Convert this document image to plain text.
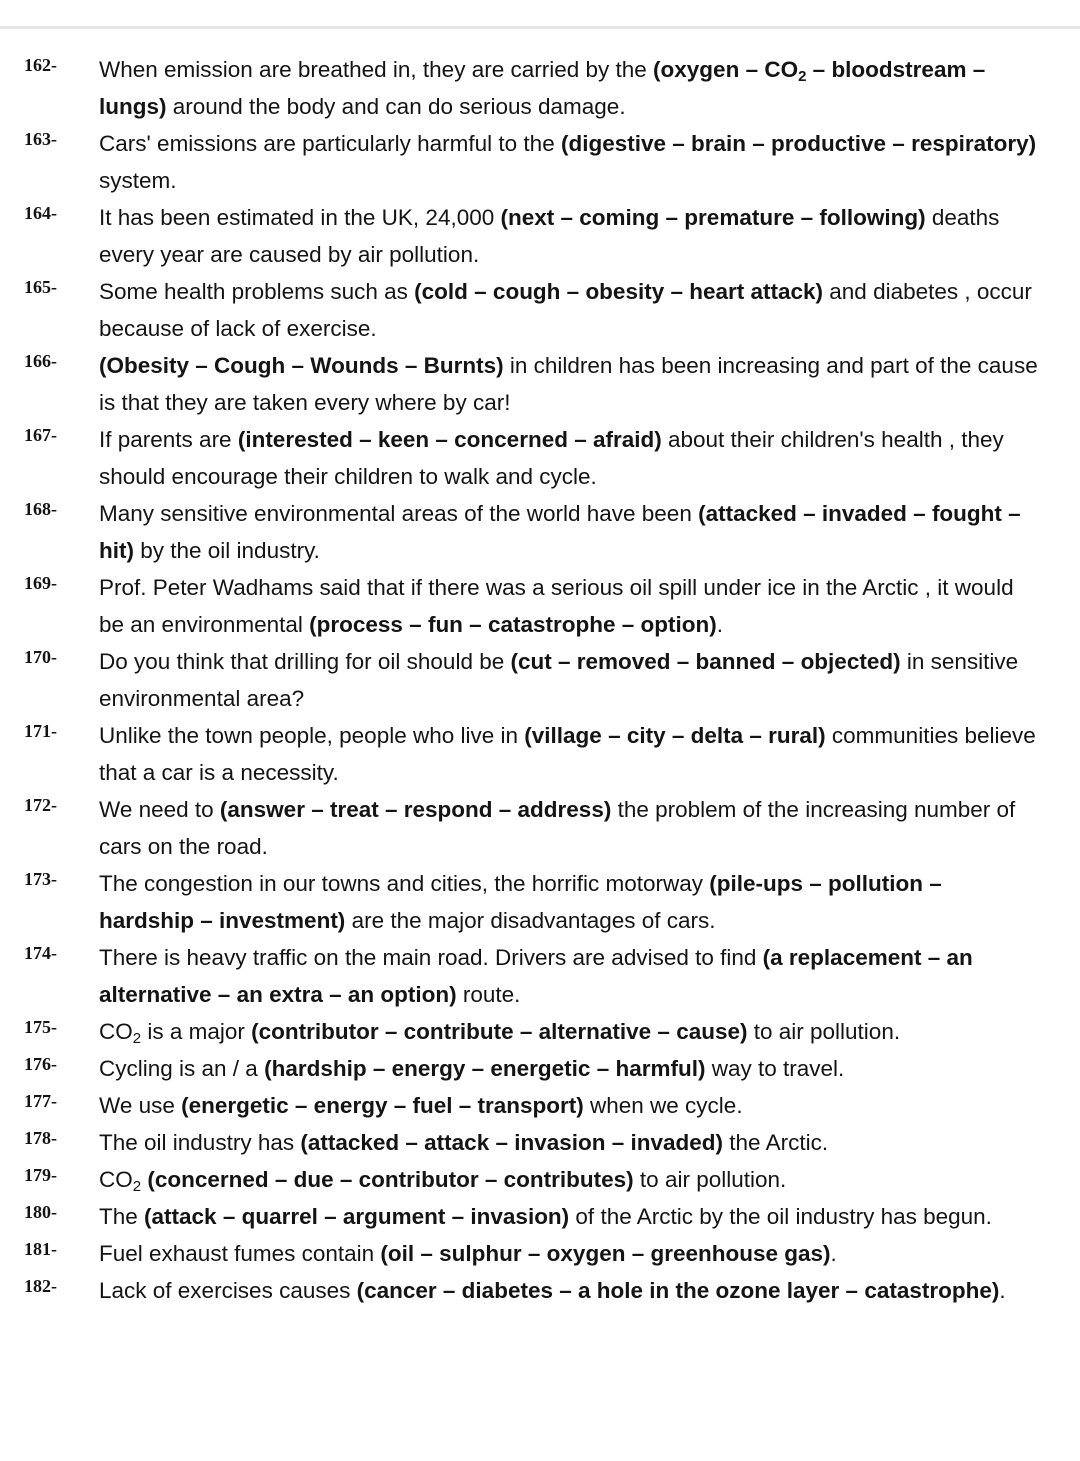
162-	When emission are breathed in, they are carried by the (oxygen – $CO_2$ – bloodstream – lungs) around the body and can do serious damage.
163-	Cars' emissions are particularly harmful to the (digestive – brain – productive – respiratory) system.
164-	It has been estimated in the UK, 24,000 (next – coming – premature – following) deaths every year are caused by air pollution.
165-	Some health problems such as (cold – cough – obesity – heart attack) and diabetes , occur because of lack of exercise.
166-	(Obesity – Cough – Wounds – Burnts) in children has been increasing and part of the cause is that they are taken every where by car!
167-	If parents are (interested – keen – concerned – afraid) about their children's health , they should encourage their children to walk and cycle.
168-	Many sensitive environmental areas of the world have been (attacked – invaded – fought – hit) by the oil industry.
169-	Prof. Peter Wadhams said that if there was a serious oil spill under ice in the Arctic , it would be an environmental (process – fun – catastrophe – option).
170-	Do you think that drilling for oil should be (cut – removed – banned – objected) in sensitive environmental area?
171-	Unlike the town people, people who live in (village – city – delta – rural) communities believe that a car is a necessity.
172-	We need to (answer – treat – respond – address) the problem of the increasing number of cars on the road.
173-	The congestion in our towns and cities, the horrific motorway (pile-ups – pollution – hardship – investment) are the major disadvantages of cars.
174-	There is heavy traffic on the main road. Drivers are advised to find (a replacement – an alternative – an extra – an option) route.
175-	$CO_2$ is a major (contributor – contribute – alternative – cause) to air pollution.
176-	Cycling is an / a (hardship – energy – energetic – harmful) way to travel.
177-	We use (energetic – energy – fuel – transport) when we cycle.
178-	The oil industry has (attacked – attack – invasion – invaded) the Arctic.
179-	$CO_2$ (concerned – due – contributor – contributes) to air pollution.
180-	The (attack – quarrel – argument – invasion) of the Arctic by the oil industry has begun.
181-	Fuel exhaust fumes contain (oil – sulphur – oxygen – greenhouse gas).
182-	Lack of exercises causes (cancer – diabetes – a hole in the ozone layer – catastrophe).
